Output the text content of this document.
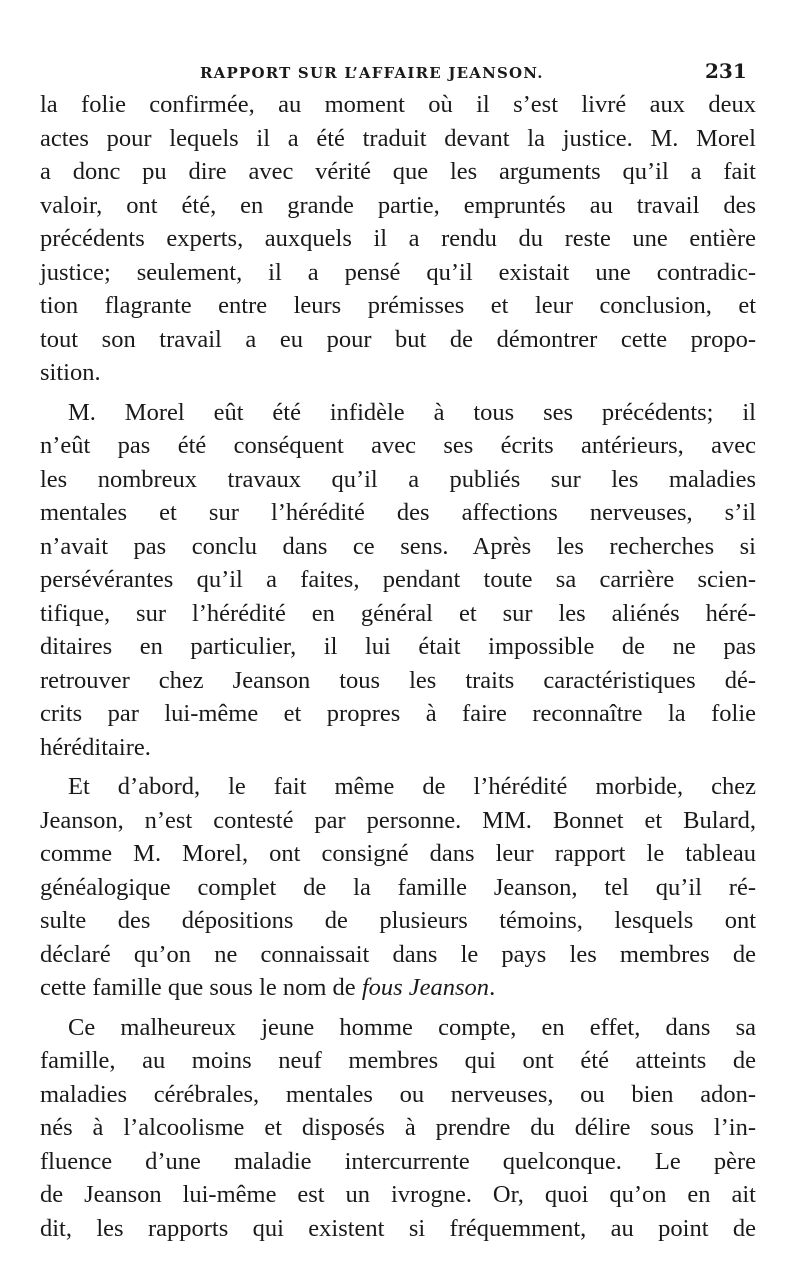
RAPPORT SUR L’AFFAIRE JEANSON.	231
la folie confirmée, au moment où il s’est livré aux deux
actes pour lequels il a été traduit devant la justice. M. Morel
a donc pu dire avec vérité que les arguments qu’il a fait
valoir, ont été, en grande partie, empruntés au travail des
précédents experts, auxquels il a rendu du reste une entière
justice; seulement, il a pensé qu’il existait une contradic-
tion flagrante entre leurs prémisses et leur conclusion, et
tout son travail a eu pour but de démontrer cette propo-
sition.
M. Morel eût été infidèle à tous ses précédents; il
n’eût pas été conséquent avec ses écrits antérieurs, avec
les nombreux travaux qu’il a publiés sur les maladies
mentales et sur l’hérédité des affections nerveuses, s’il
n’avait pas conclu dans ce sens. Après les recherches si
persévérantes qu’il a faites, pendant toute sa carrière scien-
tifique, sur l’hérédité en général et sur les aliénés héré-
ditaires en particulier, il lui était impossible de ne pas
retrouver chez Jeanson tous les traits caractéristiques dé-
crits par lui-même et propres à faire reconnaître la folie
héréditaire.
Et d’abord, le fait même de l’hérédité morbide, chez
Jeanson, n’est contesté par personne. MM. Bonnet et Bulard,
comme M. Morel, ont consigné dans leur rapport le tableau
généalogique complet de la famille Jeanson, tel qu’il ré-
sulte des dépositions de plusieurs témoins, lesquels ont
déclaré qu’on ne connaissait dans le pays les membres de
cette famille que sous le nom de fous Jeanson.
Ce malheureux jeune homme compte, en effet, dans sa
famille, au moins neuf membres qui ont été atteints de
maladies cérébrales, mentales ou nerveuses, ou bien adon-
nés à l’alcoolisme et disposés à prendre du délire sous l’in-
fluence d’une maladie intercurrente quelconque. Le père
de Jeanson lui-même est un ivrogne. Or, quoi qu’on en ait
dit, les rapports qui existent si fréquemment, au point de
